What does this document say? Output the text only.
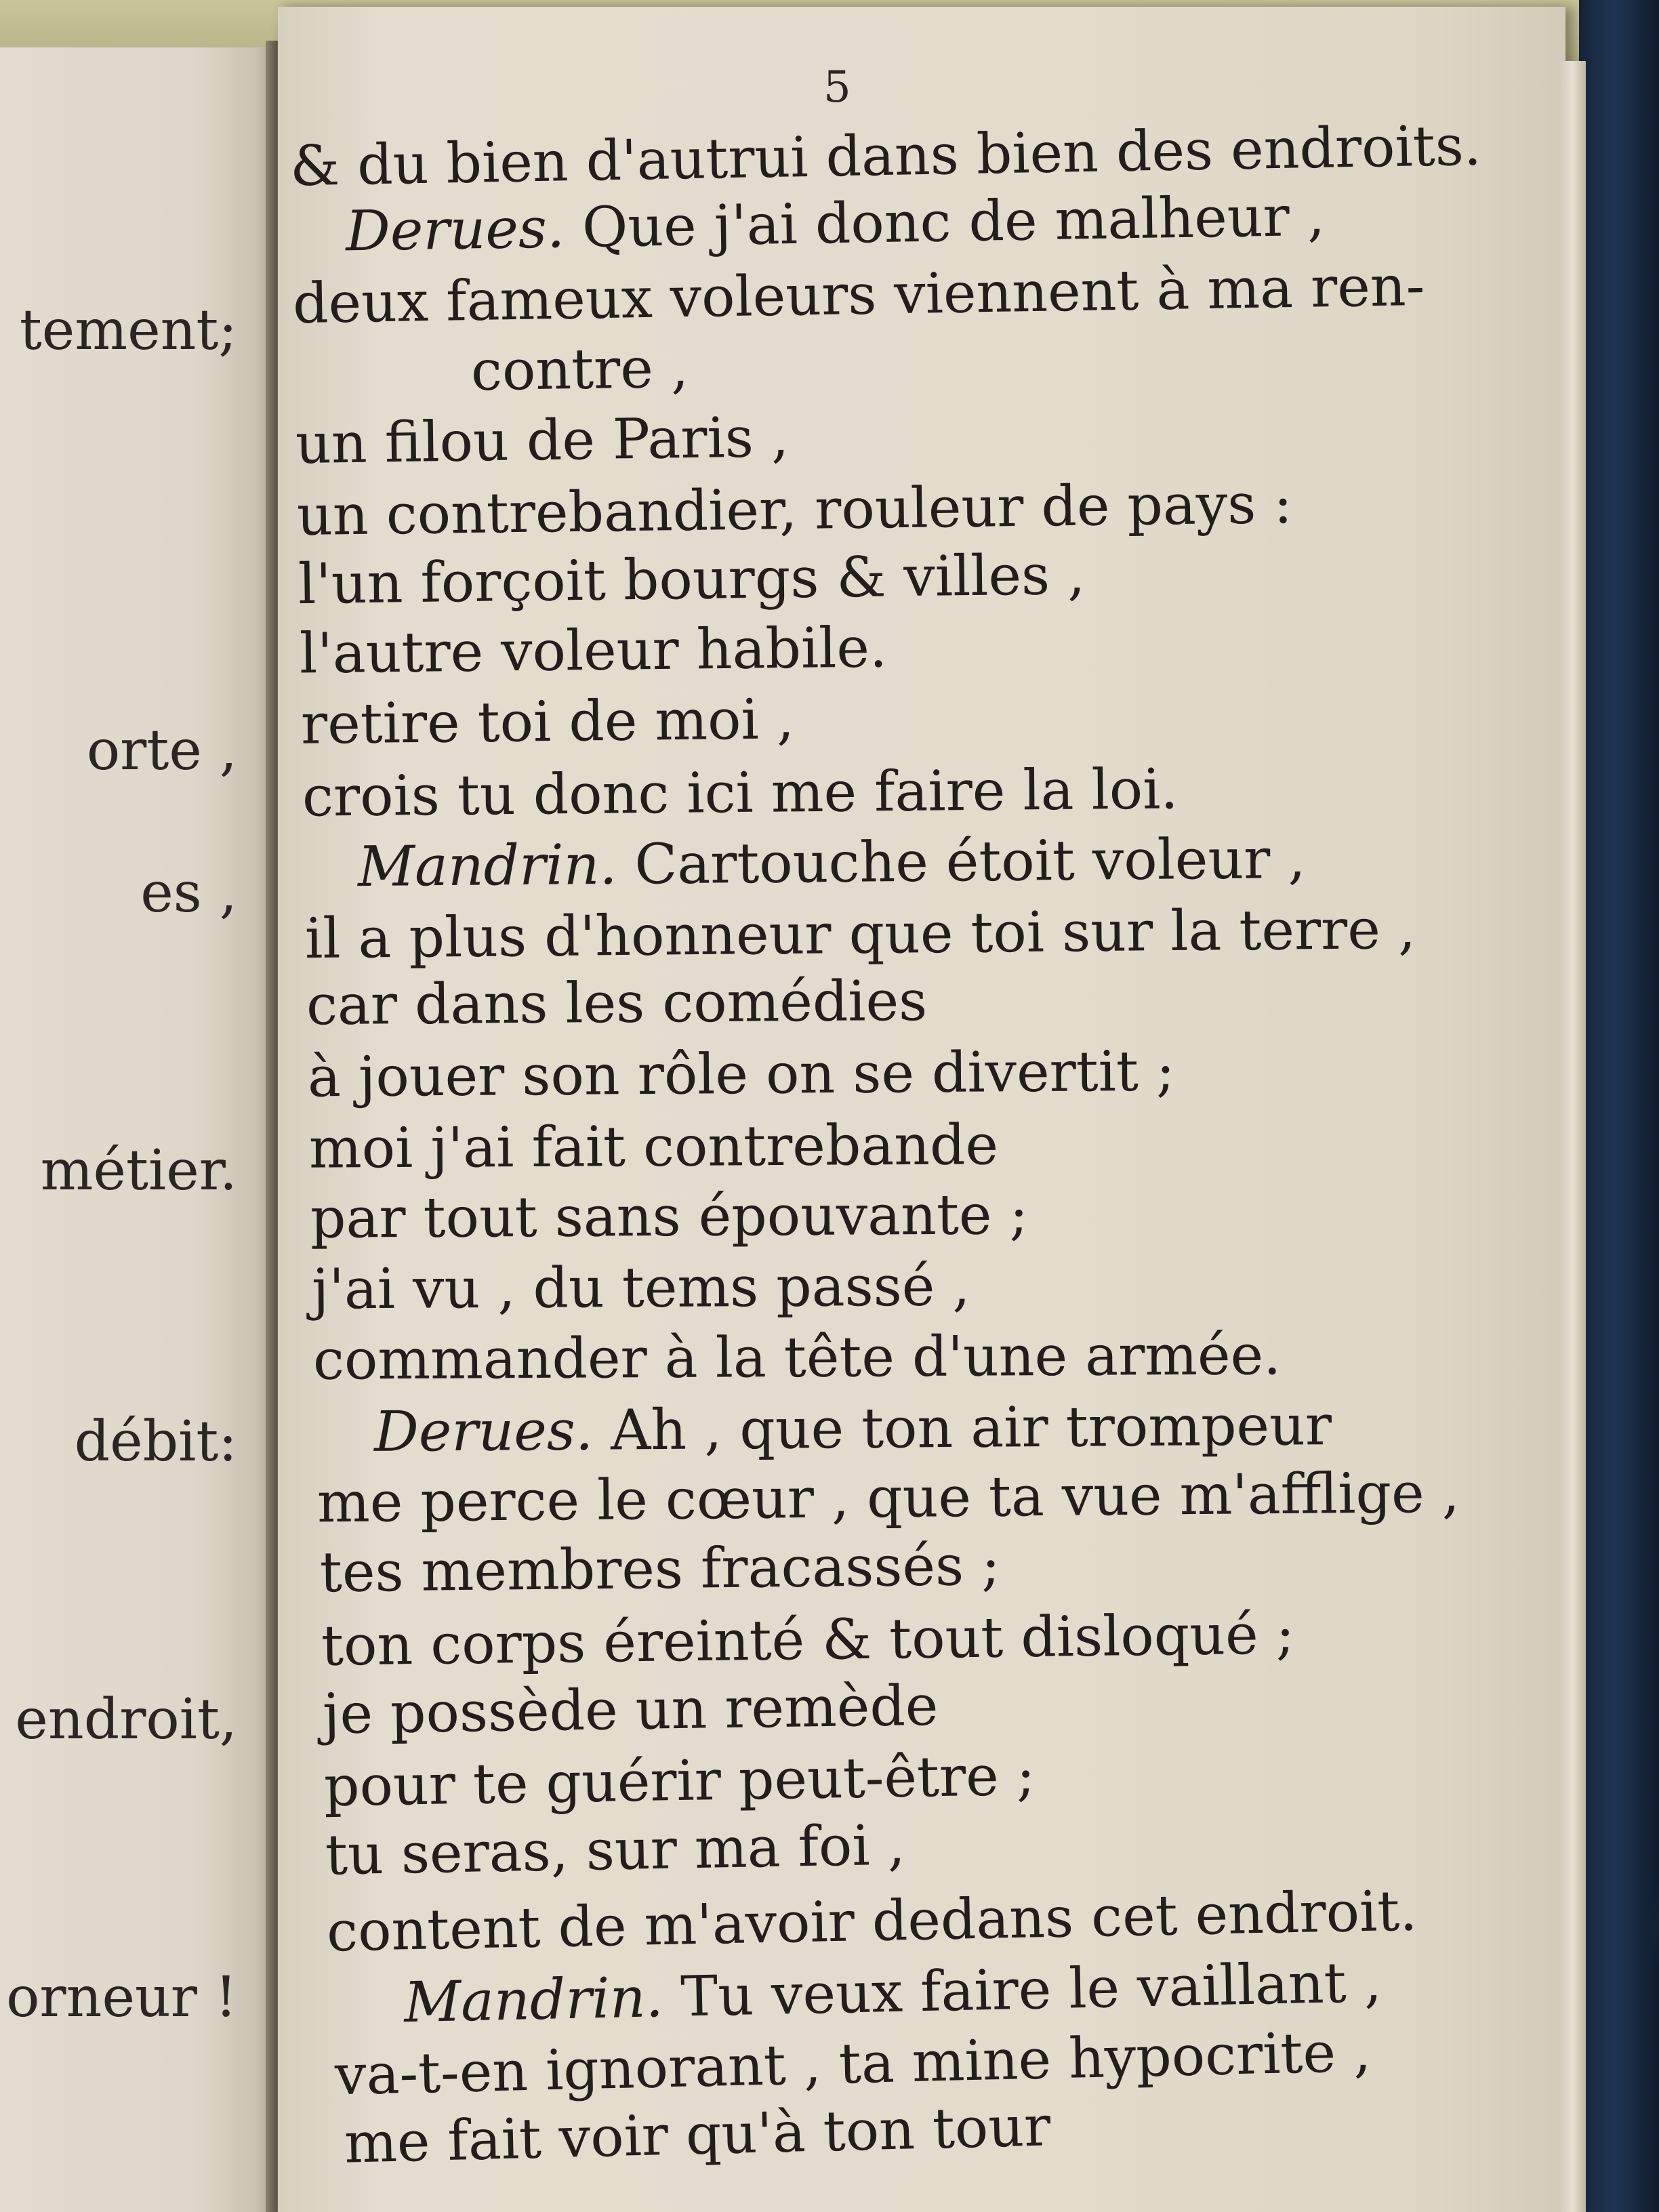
tement;

orte ,

es ,

métier.

débit:

endroit,

orneur !

5

& du bien d'autrui dans bien des endroits.

Derues. Que j'ai donc de malheur ,

deux fameux voleurs viennent à ma ren-

contre ,

un filou de Paris ,

un contrebandier, rouleur de pays :

l'un forçoit bourgs & villes ,

l'autre voleur habile.

retire toi de moi ,

crois tu donc ici me faire la loi.

Mandrin. Cartouche étoit voleur ,

il a plus d'honneur que toi sur la terre ,

car dans les comédies

à jouer son rôle on se divertit ;

moi j'ai fait contrebande

par tout sans épouvante ;

j'ai vu , du tems passé ,

commander à la tête d'une armée.

Derues. Ah , que ton air trompeur

me perce le cœur , que ta vue m'afflige ,

tes membres fracassés ;

ton corps éreinté & tout disloqué ;

je possède un remède

pour te guérir peut-être ;

tu seras, sur ma foi ,

content de m'avoir dedans cet endroit.

Mandrin. Tu veux faire le vaillant ,

va-t-en ignorant , ta mine hypocrite ,

me fait voir qu'à ton tour
